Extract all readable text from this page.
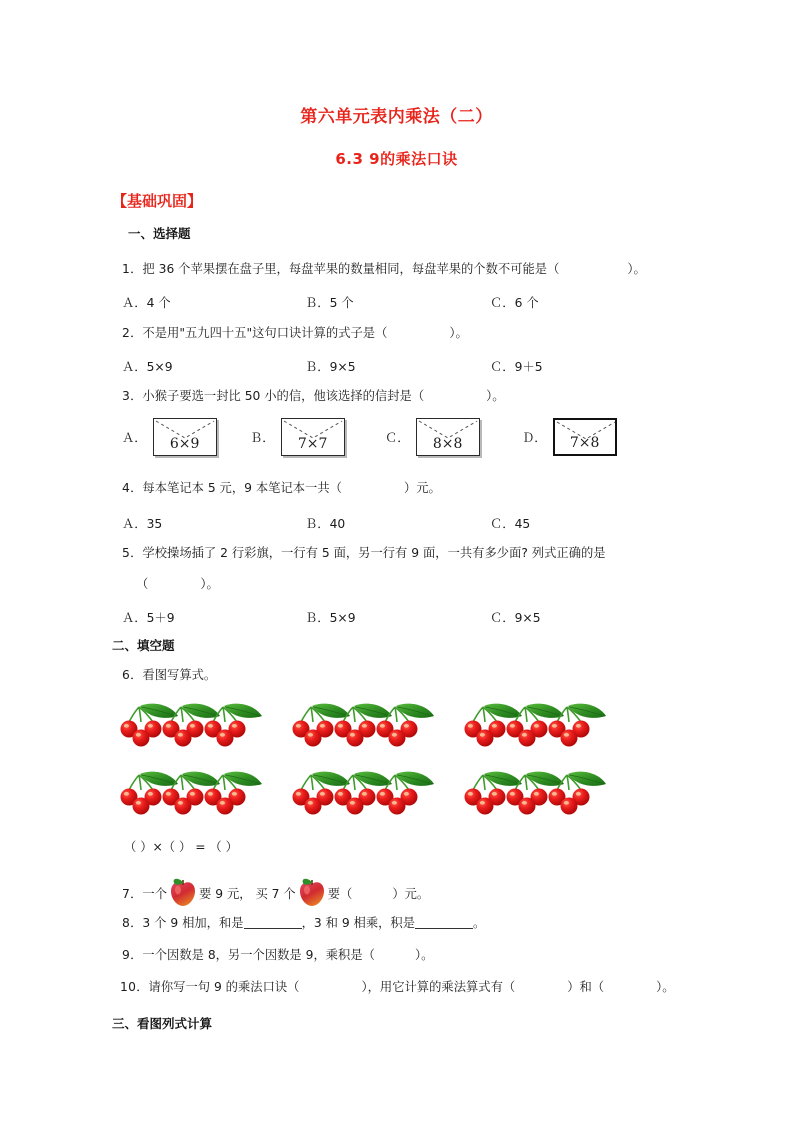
第六单元表内乘法（二）
6.3 9的乘法口诀
【基础巩固】
一、选择题
1．把 36 个苹果摆在盘子里，每盘苹果的数量相同，每盘苹果的个数不可能是（	）。
Ａ．4 个	Ｂ．5 个	Ｃ．6 个
2．不是用"五九四十五"这句口诀计算的式子是（	）。
Ａ．5×9	Ｂ．9×5	Ｃ．9＋5
3．小猴子要选一封比 50 小的信，他该选择的信封是（	）。
Ａ．	6×9	Ｂ．	7×7	Ｃ．	8×8	Ｄ．	7×8
4．每本笔记本 5 元，9 本笔记本一共（	）元。
Ａ．35	Ｂ．40	Ｃ．45
5．学校操场插了 2 行彩旗，一行有 5 面，另一行有 9 面，一共有多少面? 列式正确的是
（	）。
Ａ．5＋9	Ｂ．5×9	Ｃ．9×5
二、填空题
6．看图写算式。
（ ）×（ ） = （ ）
7．一个	要 9 元， 买 7 个	要（	）元。
8．3 个 9 相加，和是	，3 和 9 相乘，积是	。
9．一个因数是 8，另一个因数是 9，乘积是（	）。
10．请你写一句 9 的乘法口诀（	），用它计算的乘法算式有（	）和（	）。
三、看图列式计算
